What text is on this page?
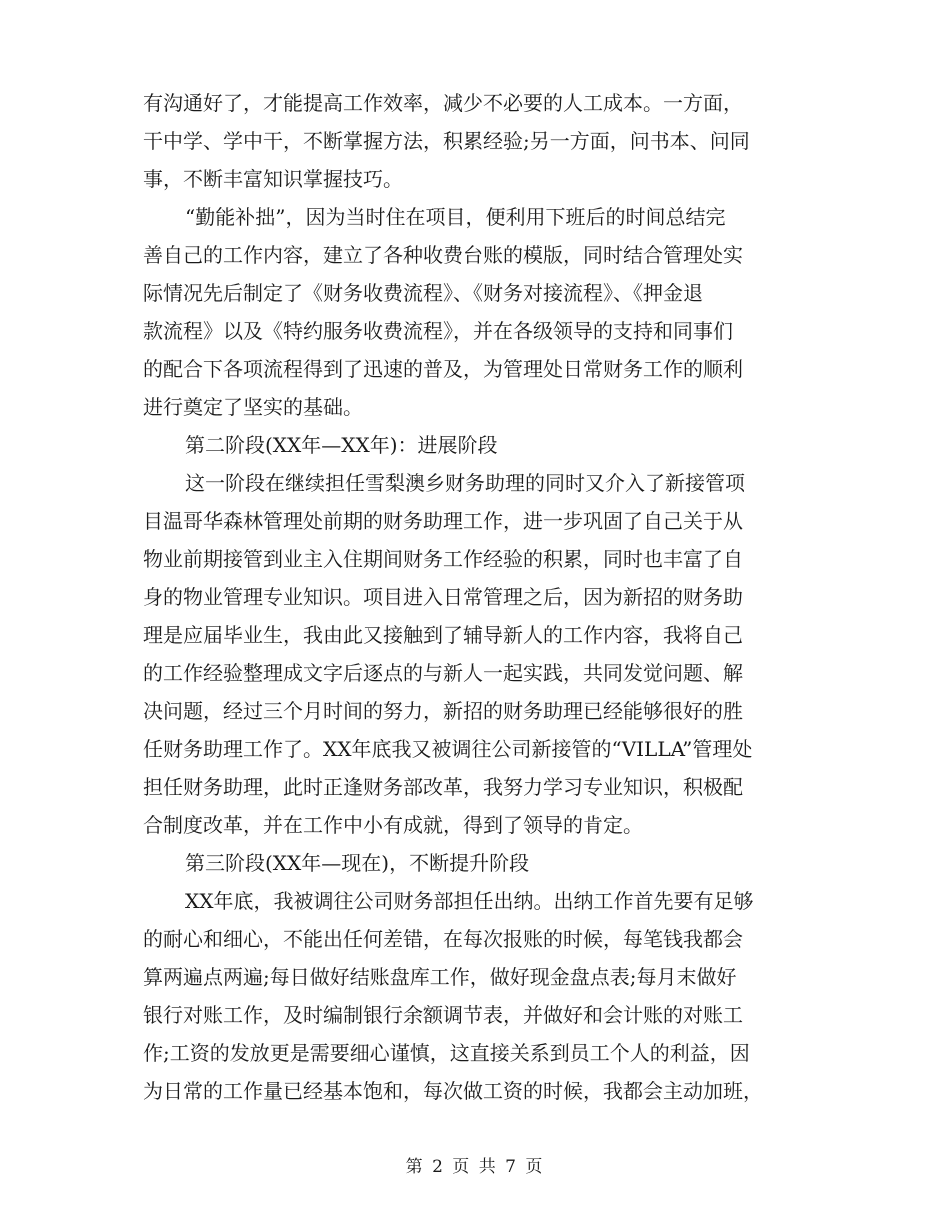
有沟通好了，才能提高工作效率，减少不必要的人工成本。一方面，
干中学、学中干，不断掌握方法，积累经验;另一方面，问书本、问同
事，不断丰富知识掌握技巧。
“勤能补拙”，因为当时住在项目，便利用下班后的时间总结完
善自己的工作内容，建立了各种收费台账的模版，同时结合管理处实
际情况先后制定了《财务收费流程》、《财务对接流程》、《押金退
款流程》以及《特约服务收费流程》，并在各级领导的支持和同事们
的配合下各项流程得到了迅速的普及，为管理处日常财务工作的顺利
进行奠定了坚实的基础。
第二阶段(XX年—XX年)：进展阶段
这一阶段在继续担任雪梨澳乡财务助理的同时又介入了新接管项
目温哥华森林管理处前期的财务助理工作，进一步巩固了自己关于从
物业前期接管到业主入住期间财务工作经验的积累，同时也丰富了自
身的物业管理专业知识。项目进入日常管理之后，因为新招的财务助
理是应届毕业生，我由此又接触到了辅导新人的工作内容，我将自己
的工作经验整理成文字后逐点的与新人一起实践，共同发觉问题、解
决问题，经过三个月时间的努力，新招的财务助理已经能够很好的胜
任财务助理工作了。XX年底我又被调往公司新接管的“VILLA”管理处
担任财务助理，此时正逢财务部改革，我努力学习专业知识，积极配
合制度改革，并在工作中小有成就，得到了领导的肯定。
第三阶段(XX年—现在)，不断提升阶段
XX年底，我被调往公司财务部担任出纳。出纳工作首先要有足够
的耐心和细心，不能出任何差错，在每次报账的时候，每笔钱我都会
算两遍点两遍;每日做好结账盘库工作，做好现金盘点表;每月末做好
银行对账工作，及时编制银行余额调节表，并做好和会计账的对账工
作;工资的发放更是需要细心谨慎，这直接关系到员工个人的利益，因
为日常的工作量已经基本饱和，每次做工资的时候，我都会主动加班，
第 2 页 共 7 页
